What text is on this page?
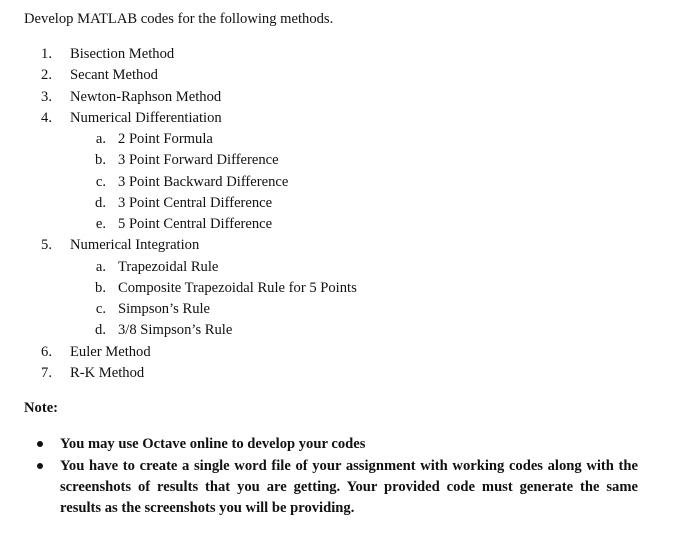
Develop MATLAB codes for the following methods.

1. Bisection Method
2. Secant Method
3. Newton-Raphson Method
4. Numerical Differentiation
a. 2 Point Formula
b. 3 Point Forward Difference
c. 3 Point Backward Difference
d. 3 Point Central Difference
e. 5 Point Central Difference
5. Numerical Integration
a. Trapezoidal Rule
b. Composite Trapezoidal Rule for 5 Points
c. Simpson’s Rule
d. 3/8 Simpson’s Rule
6. Euler Method
7. R-K Method
Note:
You may use Octave online to develop your codes
You have to create a single word file of your assignment with working codes along with the screenshots of results that you are getting. Your provided code must generate the same results as the screenshots you will be providing.
